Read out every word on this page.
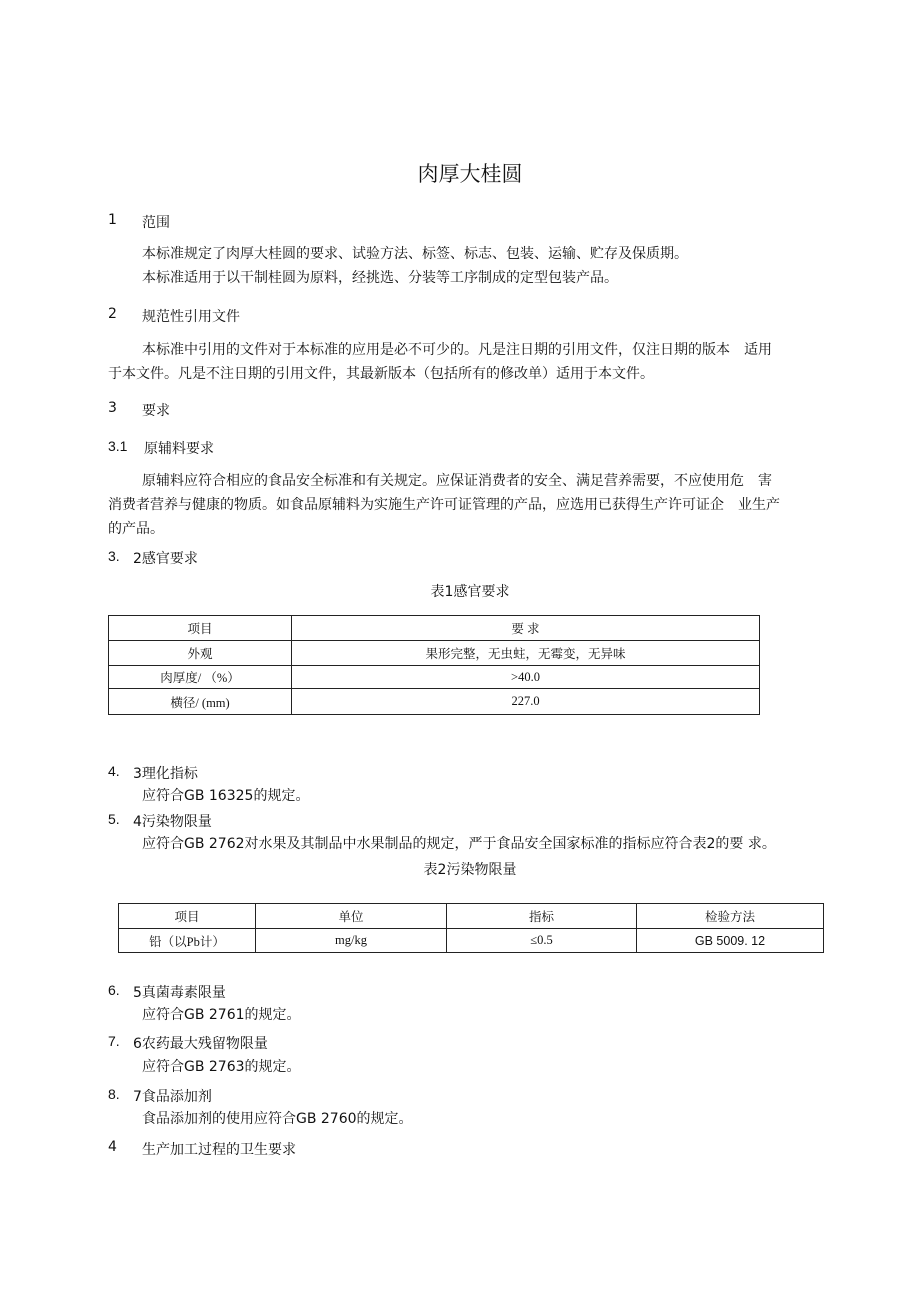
肉厚大桂圆
1 范围
本标准规定了肉厚大桂圆的要求、试验方法、标签、标志、包装、运输、贮存及保质期。
本标准适用于以干制桂圆为原料，经挑选、分装等工序制成的定型包装产品。
2 规范性引用文件
本标准中引用的文件对于本标准的应用是必不可少的。凡是注日期的引用文件，仅注日期的版本　适用
于本文件。凡是不注日期的引用文件，其最新版本（包括所有的修改单）适用于本文件。
3 要求
3.1 原辅料要求
原辅料应符合相应的食品安全标准和有关规定。应保证消费者的安全、满足营养需要，不应使用危　害
消费者营养与健康的物质。如食品原辅料为实施生产许可证管理的产品，应选用已获得生产许可证企　业生产
的产品。
3. 2感官要求
表1感官要求
项目	要 求
外观	果形完整，无虫蛀，无霉变，无异味
肉厚度/ （%）	>40.0
横径/ (mm)	227.0
4. 3理化指标
应符合GB 16325的规定。
5. 4污染物限量
应符合GB 2762对水果及其制品中水果制品的规定，严于食品安全国家标准的指标应符合表2的要 求。
表2污染物限量
项目	单位	指标	检验方法
铅（以Pb计）	mg/kg	≤0.5	GB 5009. 12
6. 5真菌毒素限量
应符合GB 2761的规定。
7. 6农药最大残留物限量
应符合GB 2763的规定。
8. 7食品添加剂
食品添加剂的使用应符合GB 2760的规定。
4 生产加工过程的卫生要求
